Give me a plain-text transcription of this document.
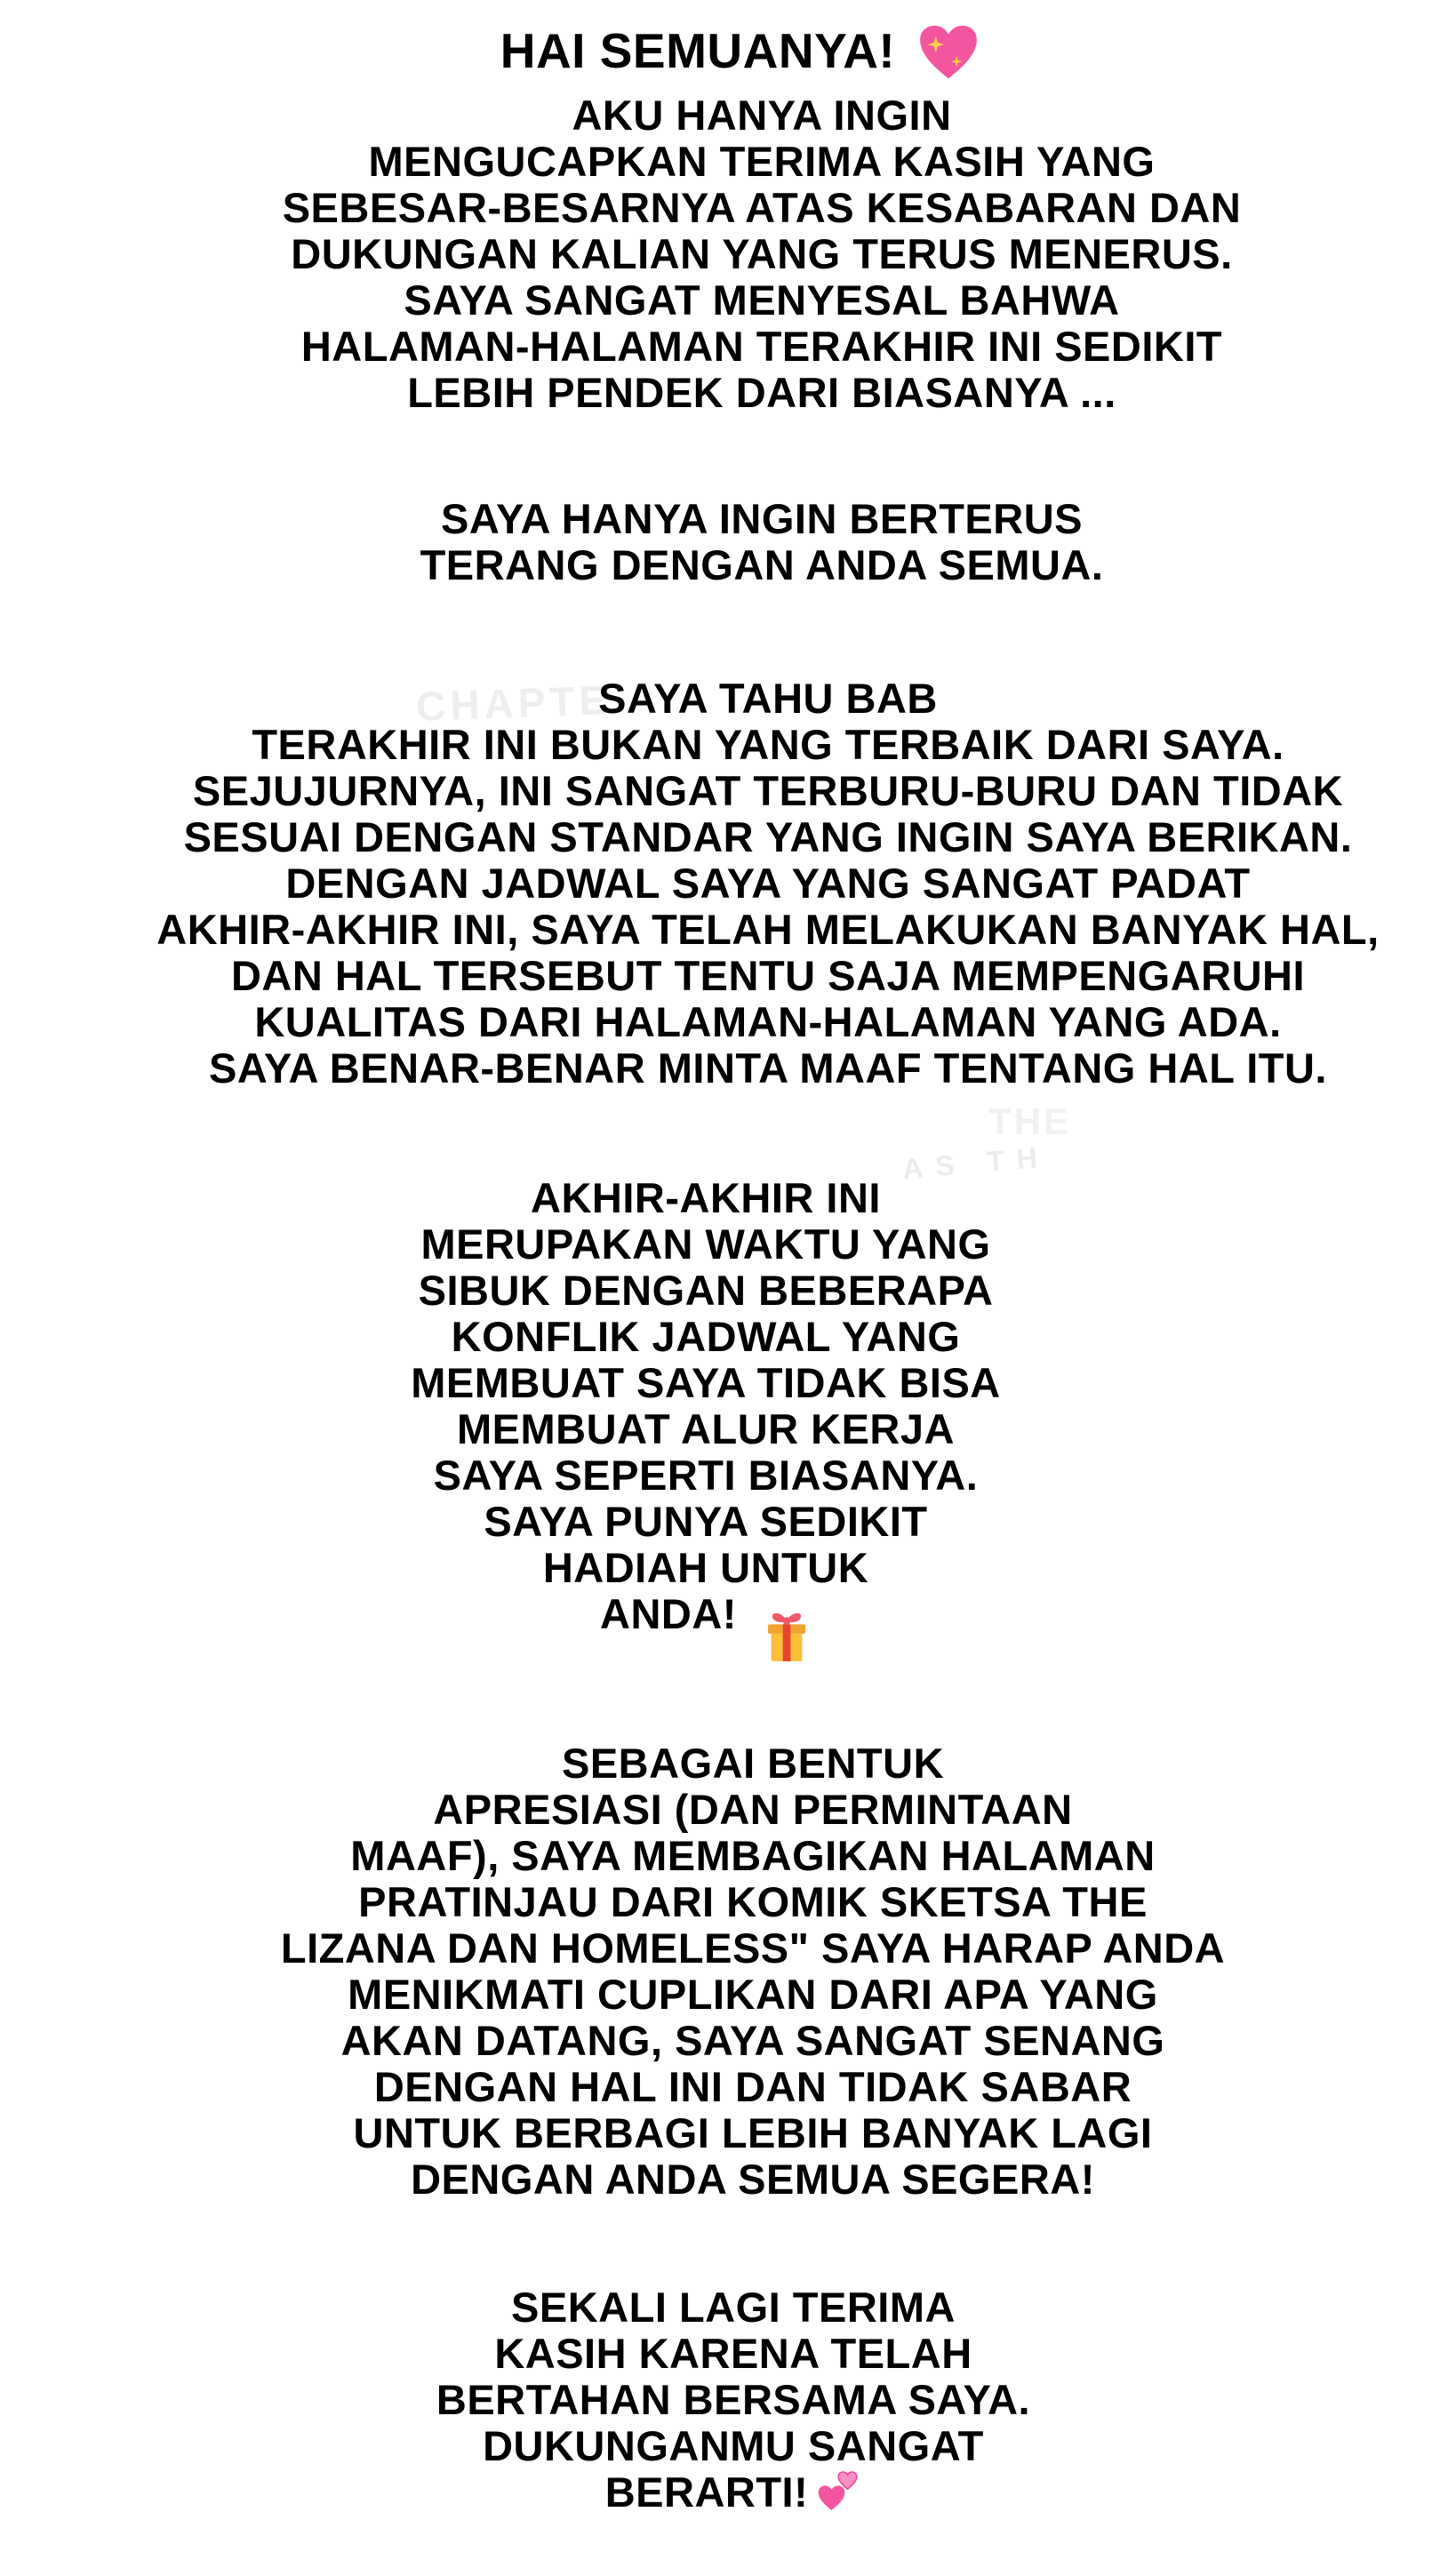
CHAPTE
THE
AS TH
HAI SEMUANYA!
AKU HANYA INGIN
MENGUCAPKAN TERIMA KASIH YANG
SEBESAR-BESARNYA ATAS KESABARAN DAN
DUKUNGAN KALIAN YANG TERUS MENERUS.
SAYA SANGAT MENYESAL BAHWA
HALAMAN-HALAMAN TERAKHIR INI SEDIKIT
LEBIH PENDEK DARI BIASANYA ...
SAYA HANYA INGIN BERTERUS
TERANG DENGAN ANDA SEMUA.
SAYA TAHU BAB
TERAKHIR INI BUKAN YANG TERBAIK DARI SAYA.
SEJUJURNYA, INI SANGAT TERBURU-BURU DAN TIDAK
SESUAI DENGAN STANDAR YANG INGIN SAYA BERIKAN.
DENGAN JADWAL SAYA YANG SANGAT PADAT
AKHIR-AKHIR INI, SAYA TELAH MELAKUKAN BANYAK HAL,
DAN HAL TERSEBUT TENTU SAJA MEMPENGARUHI
KUALITAS DARI HALAMAN-HALAMAN YANG ADA.
SAYA BENAR-BENAR MINTA MAAF TENTANG HAL ITU.
AKHIR-AKHIR INI
MERUPAKAN WAKTU YANG
SIBUK DENGAN BEBERAPA
KONFLIK JADWAL YANG
MEMBUAT SAYA TIDAK BISA
MEMBUAT ALUR KERJA
SAYA SEPERTI BIASANYA.
SAYA PUNYA SEDIKIT
HADIAH UNTUK
ANDA!
SEBAGAI BENTUK
APRESIASI (DAN PERMINTAAN
MAAF), SAYA MEMBAGIKAN HALAMAN
PRATINJAU DARI KOMIK SKETSA THE
LIZANA DAN HOMELESS" SAYA HARAP ANDA
MENIKMATI CUPLIKAN DARI APA YANG
AKAN DATANG, SAYA SANGAT SENANG
DENGAN HAL INI DAN TIDAK SABAR
UNTUK BERBAGI LEBIH BANYAK LAGI
DENGAN ANDA SEMUA SEGERA!
SEKALI LAGI TERIMA
KASIH KARENA TELAH
BERTAHAN BERSAMA SAYA.
DUKUNGANMU SANGAT
BERARTI!
